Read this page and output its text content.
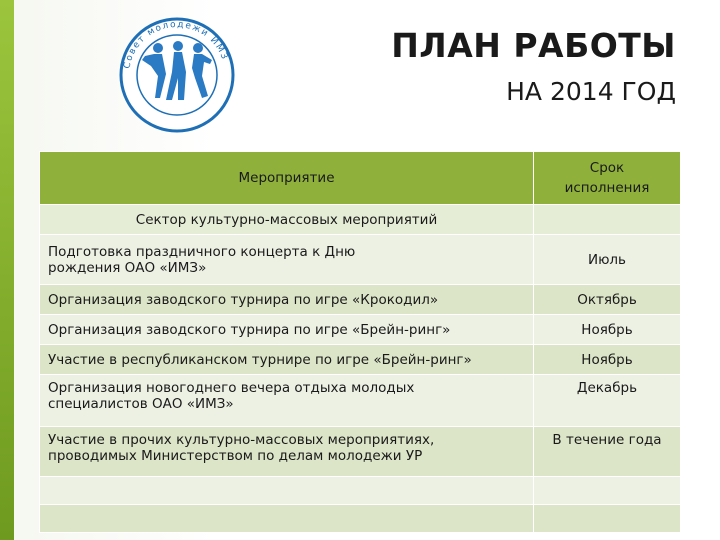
Совет молодежи ИМЗ	ПЛАН РАБОТЫ
НА 2014 ГОД
Мероприятие	Срок исполнения
Сектор культурно-массовых мероприятий	
Подготовка праздничного концерта к Дню рождения ОАО «ИМЗ»	Июль
Организация заводского турнира по игре «Крокодил»	Октябрь
Организация заводского турнира по игре «Брейн-ринг»	Ноябрь
Участие в республиканском турнире по игре «Брейн-ринг»	Ноябрь
Организация новогоднего вечера отдыха молодых специалистов ОАО «ИМЗ»	Декабрь
Участие в прочих культурно-массовых мероприятиях, проводимых Министерством по делам молодежи УР	В течение года
